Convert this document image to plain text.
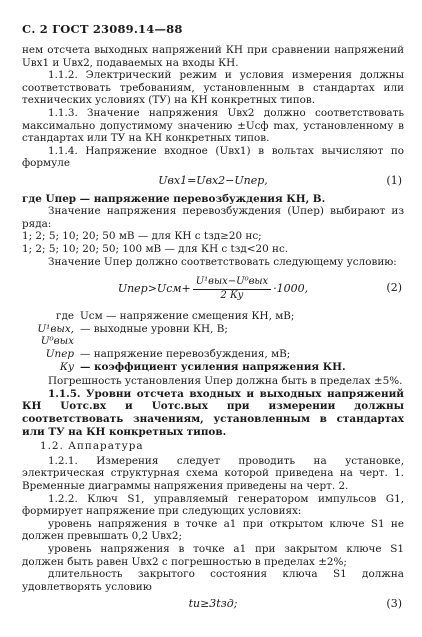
С. 2 ГОСТ 23089.14—88

нем отсчета выходных напряжений КН при сравнении напряжений Uвх1 и Uвх2, подаваемых на входы КН.

1.1.2. Электрический режим и условия измерения должны соответствовать требованиям, установленным в стандартах или технических условиях (ТУ) на КН конкретных типов.

1.1.3. Значение напряжения Uвх2 должно соответствовать максимально допустимому значению ±Uсф max, установленному в стандартах или ТУ на КН конкретных типов.

1.1.4. Напряжение входное (Uвх1) в вольтах вычисляют по формуле

Uвх1=Uвх2−Uпер,	(1)

где Uпер — напряжение перевозбуждения КН, В.

Значение напряжения перевозбуждения (Uпер) выбирают из ряда:

1; 2; 5; 10; 20; 50 мВ — для КН с tзд≥20 нс;

1; 2; 5; 10; 20; 50; 100 мВ — для КН с tзд<20 нс.

Значение Uпер должно соответствовать следующему условию:

Uпер>Uсм+ $\frac{\text{U¹вых−U⁰вых}}{2 Ку} \cdot 1000$,	(2)
где Uсм — напряжение смещения КН, мВ;
U¹вых, U⁰вых
— выходные уровни КН, В;
Uпер — напряжение перевозбуждения, мВ;
Ку — коэффициент усиления напряжения КН.

Погрешность установления Uпер должна быть в пределах ±5%.

1.1.5. Уровни отсчета входных и выходных напряжений КН Uотс.вх и Uотс.вых при измерении должны соответствовать значениям, установленным в стандартах или ТУ на КН конкретных типов.

1.2. Аппаратура

1.2.1. Измерения следует проводить на установке, электрическая структурная схема которой приведена на черт. 1. Временные диаграммы напряжения приведены на черт. 2.

1.2.2. Ключ S1, управляемый генератором импульсов G1, формирует напряжение при следующих условиях:

уровень напряжения в точке a1 при открытом ключе S1 не должен превышать 0,2 Uвх2;

уровень напряжения в точке a1 при закрытом ключе S1 должен быть равен Uвх2 с погрешностью в пределах ±2%;

длительность закрытого состояния ключа S1 должна удовлетворять условию

tи≥3tзд;	(3)
